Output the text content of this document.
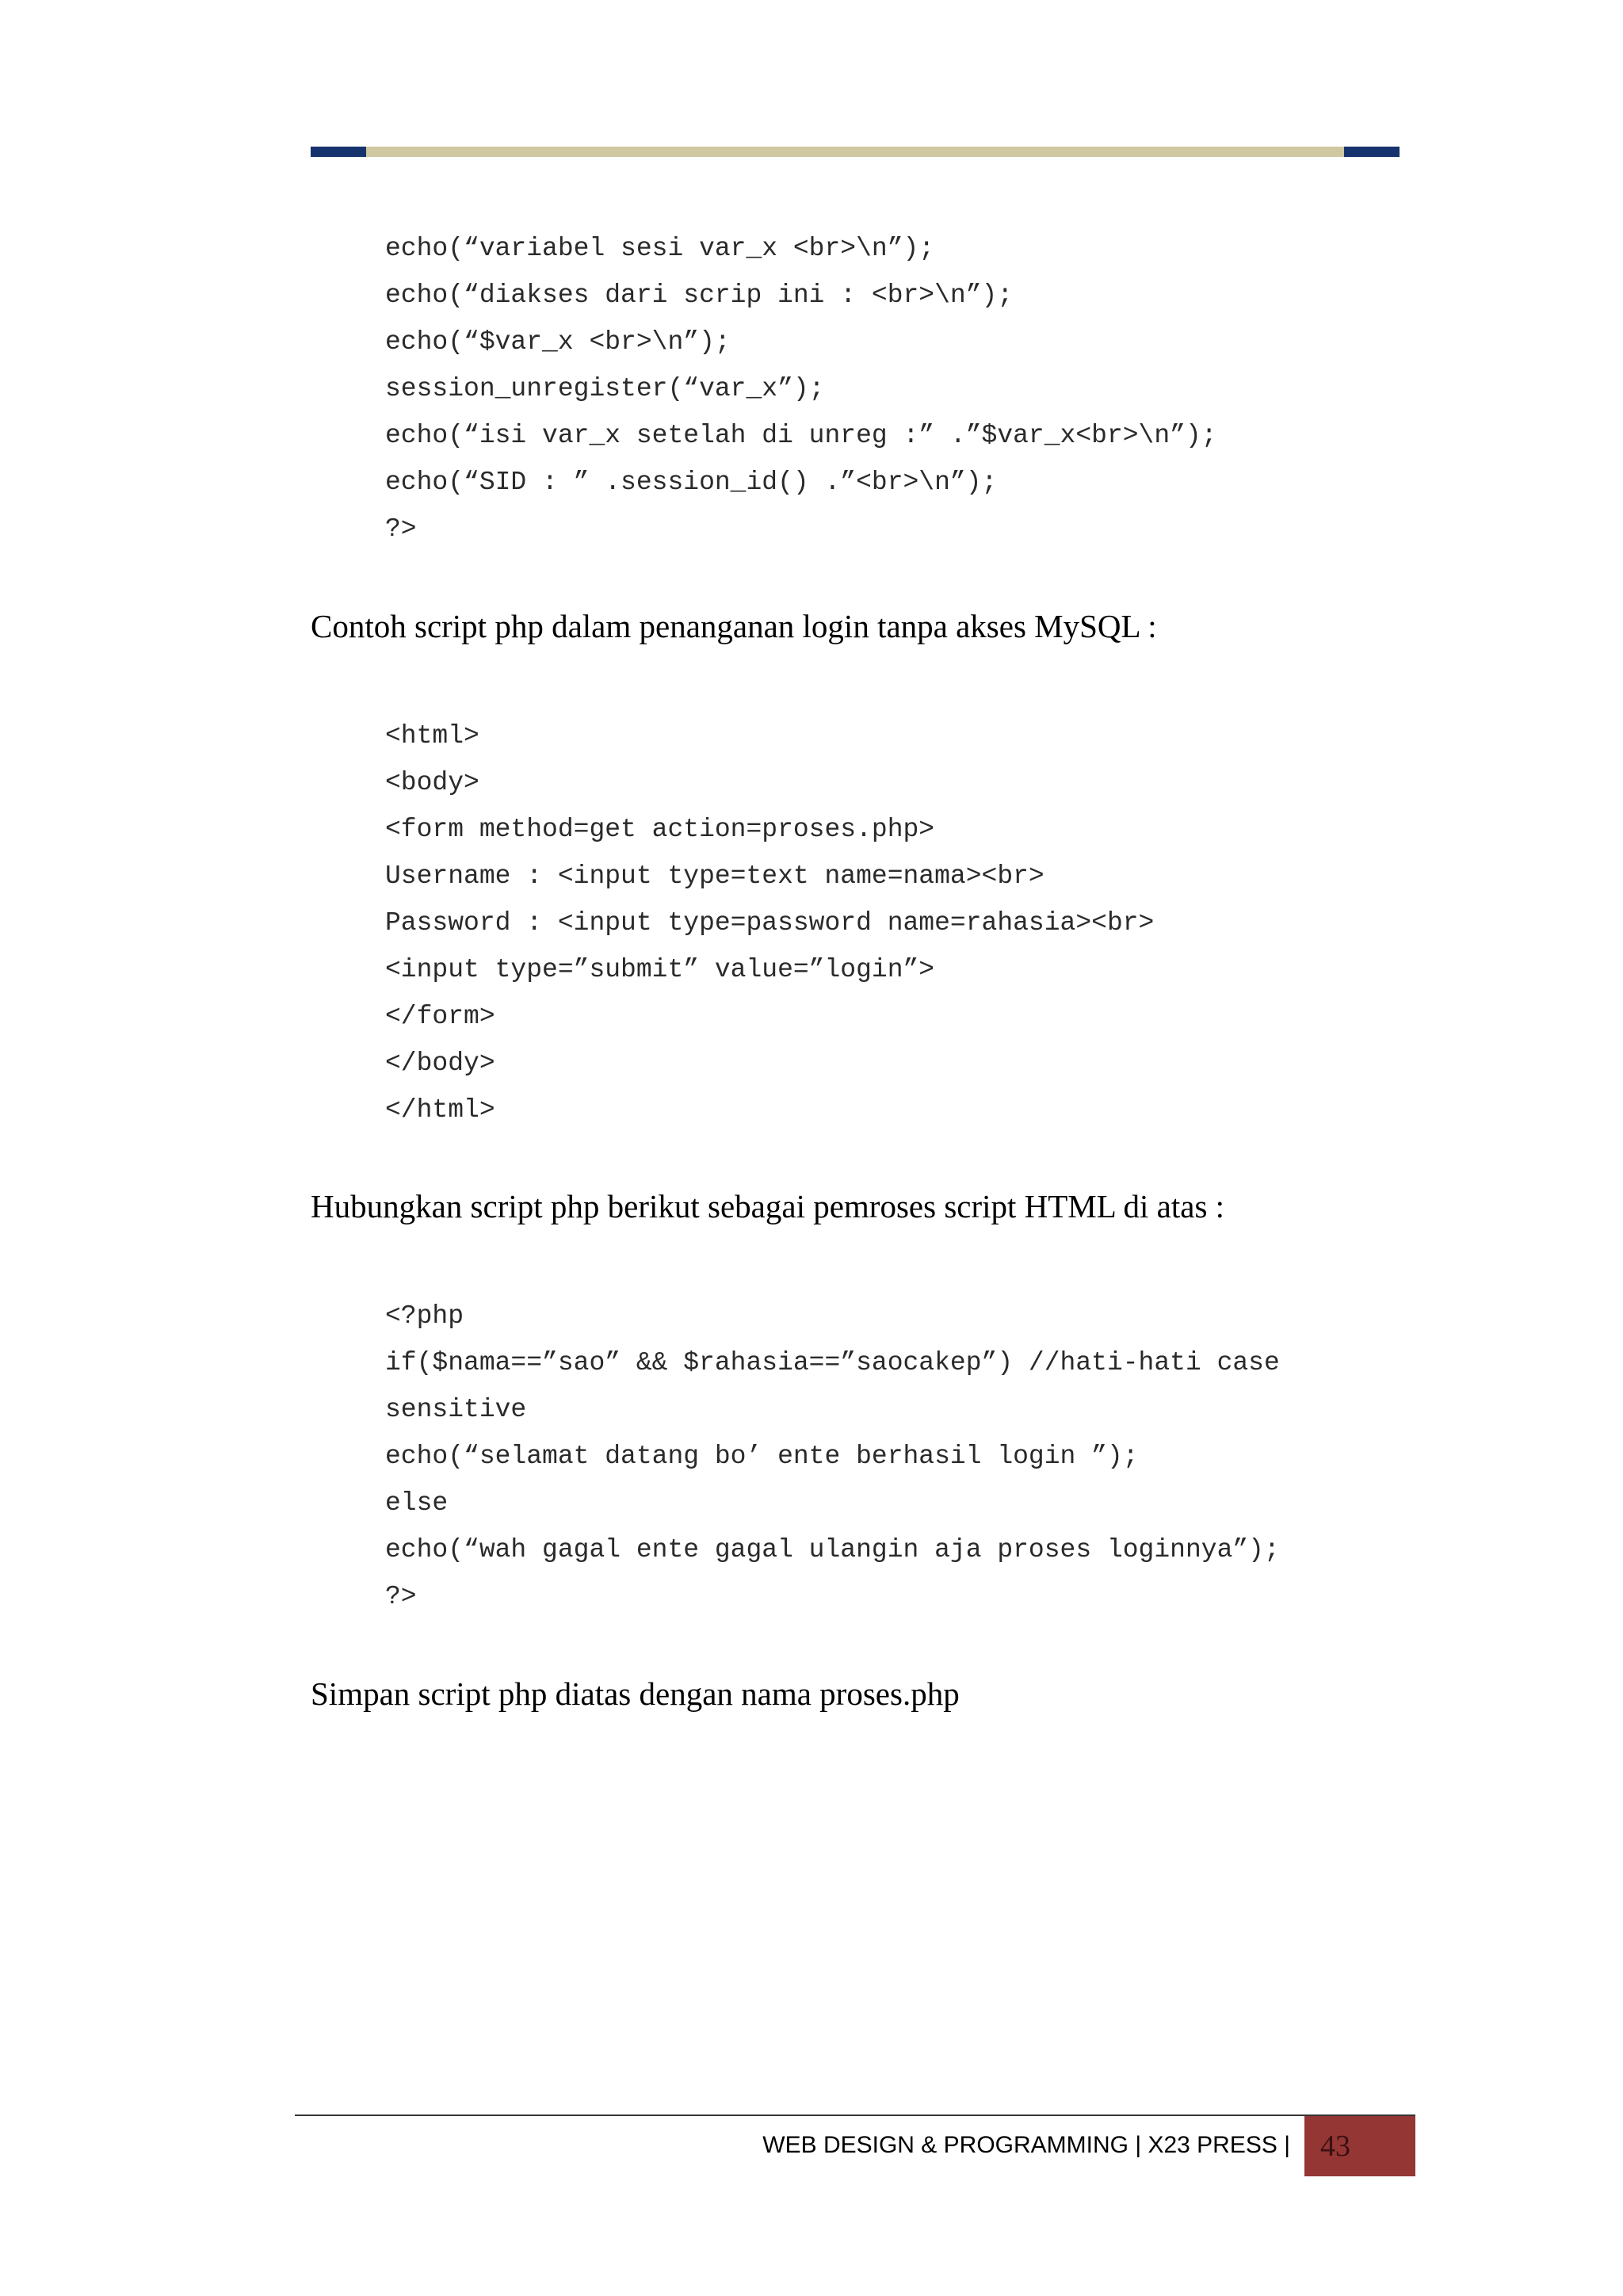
echo(“variabel sesi var_x <br>\n”);
echo(“diakses dari scrip ini : <br>\n”);
echo(“$var_x <br>\n”);
session_unregister(“var_x”);
echo(“isi var_x setelah di unreg :” .”$var_x<br>\n”);
echo(“SID : ” .session_id() .”<br>\n”);
?>

Contoh script php dalam penanganan login tanpa akses MySQL :

<html>
<body>
<form method=get action=proses.php>
Username : <input type=text name=nama><br>
Password : <input type=password name=rahasia><br>
<input type=”submit” value=”login”>
</form>
</body>
</html>

Hubungkan script php berikut sebagai pemroses script HTML di atas :

<?php
if($nama==”sao” && $rahasia==”saocakep”) //hati-hati case
sensitive
echo(“selamat datang bo’ ente berhasil login ”);
else
echo(“wah gagal ente gagal ulangin aja proses loginnya”);
?>

Simpan script php diatas dengan nama proses.php

WEB DESIGN & PROGRAMMING | X23 PRESS |	43
